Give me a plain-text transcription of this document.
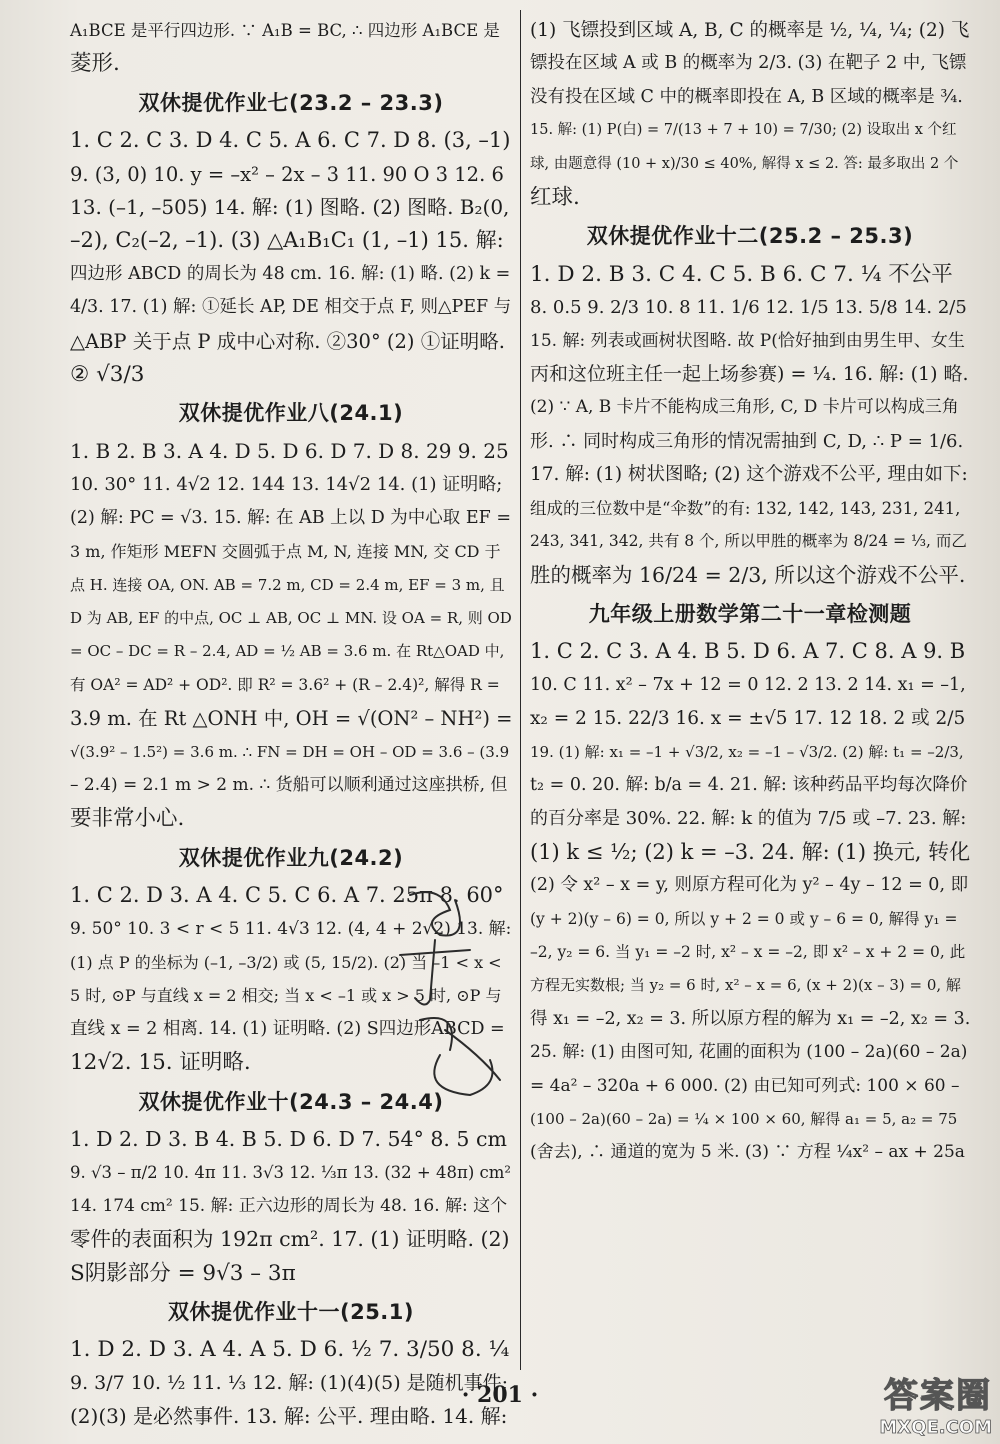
A₁BCE 是平行四边形. ∵ A₁B = BC, ∴ 四边形 A₁BCE 是
菱形.
双休提优作业七(23.2 – 23.3)
1. C 2. C 3. D 4. C 5. A 6. C 7. D 8. (3, –1)
9. (3, 0) 10. y = –x² – 2x – 3 11. 90 O 3 12. 6
13. (–1, –505) 14. 解: (1) 图略. (2) 图略. B₂(0,
–2), C₂(–2, –1). (3) △A₁B₁C₁ (1, –1) 15. 解:
四边形 ABCD 的周长为 48 cm. 16. 解: (1) 略. (2) k =
4/3. 17. (1) 解: ①延长 AP, DE 相交于点 F, 则△PEF 与
△ABP 关于点 P 成中心对称. ②30° (2) ①证明略.
② √3/3
双休提优作业八(24.1)
1. B 2. B 3. A 4. D 5. D 6. D 7. D 8. 29 9. 25
10. 30° 11. 4√2 12. 144 13. 14√2 14. (1) 证明略;
(2) 解: PC = √3. 15. 解: 在 AB 上以 D 为中心取 EF =
3 m, 作矩形 MEFN 交圆弧于点 M, N, 连接 MN, 交 CD 于
点 H. 连接 OA, ON. AB = 7.2 m, CD = 2.4 m, EF = 3 m, 且
D 为 AB, EF 的中点, OC ⊥ AB, OC ⊥ MN. 设 OA = R, 则 OD
= OC – DC = R – 2.4, AD = ½ AB = 3.6 m. 在 Rt△OAD 中,
有 OA² = AD² + OD². 即 R² = 3.6² + (R – 2.4)², 解得 R =
3.9 m. 在 Rt △ONH 中, OH = √(ON² – NH²) =
√(3.9² – 1.5²) = 3.6 m. ∴ FN = DH = OH – OD = 3.6 – (3.9
– 2.4) = 2.1 m > 2 m. ∴ 货船可以顺利通过这座拱桥, 但
要非常小心.
双休提优作业九(24.2)
1. C 2. D 3. A 4. C 5. C 6. A 7. 25π 8. 60°
9. 50° 10. 3 < r < 5 11. 4√3 12. (4, 4 + 2√2) 13. 解:
(1) 点 P 的坐标为 (–1, –3/2) 或 (5, 15/2). (2) 当 –1 < x <
5 时, ⊙P 与直线 x = 2 相交; 当 x < –1 或 x > 5 时, ⊙P 与
直线 x = 2 相离. 14. (1) 证明略. (2) S四边形ABCD =
12√2. 15. 证明略.
双休提优作业十(24.3 – 24.4)
1. D 2. D 3. B 4. B 5. D 6. D 7. 54° 8. 5 cm
9. √3 – π/2 10. 4π 11. 3√3 12. ⅓π 13. (32 + 48π) cm²
14. 174 cm² 15. 解: 正六边形的周长为 48. 16. 解: 这个
零件的表面积为 192π cm². 17. (1) 证明略. (2)
S阴影部分 = 9√3 – 3π
双休提优作业十一(25.1)
1. D 2. D 3. A 4. A 5. D 6. ½ 7. 3/50 8. ¼
9. 3/7 10. ½ 11. ⅓ 12. 解: (1)(4)(5) 是随机事件;
(2)(3) 是必然事件. 13. 解: 公平. 理由略. 14. 解:
(1) 飞镖投到区域 A, B, C 的概率是 ½, ¼, ¼; (2) 飞
镖投在区域 A 或 B 的概率为 2/3. (3) 在靶子 2 中, 飞镖
没有投在区域 C 中的概率即投在 A, B 区域的概率是 ¾.
15. 解: (1) P(白) = 7/(13 + 7 + 10) = 7/30; (2) 设取出 x 个红
球, 由题意得 (10 + x)/30 ≤ 40%, 解得 x ≤ 2. 答: 最多取出 2 个
红球.
双休提优作业十二(25.2 – 25.3)
1. D 2. B 3. C 4. C 5. B 6. C 7. ¼ 不公平
8. 0.5 9. 2/3 10. 8 11. 1/6 12. 1/5 13. 5/8 14. 2/5
15. 解: 列表或画树状图略. 故 P(恰好抽到由男生甲、女生
丙和这位班主任一起上场参赛) = ¼. 16. 解: (1) 略.
(2) ∵ A, B 卡片不能构成三角形, C, D 卡片可以构成三角
形. ∴ 同时构成三角形的情况需抽到 C, D, ∴ P = 1/6.
17. 解: (1) 树状图略; (2) 这个游戏不公平, 理由如下:
组成的三位数中是“伞数”的有: 132, 142, 143, 231, 241,
243, 341, 342, 共有 8 个, 所以甲胜的概率为 8/24 = ⅓, 而乙
胜的概率为 16/24 = 2/3, 所以这个游戏不公平.
九年级上册数学第二十一章检测题
1. C 2. C 3. A 4. B 5. D 6. A 7. C 8. A 9. B
10. C 11. x² – 7x + 12 = 0 12. 2 13. 2 14. x₁ = –1,
x₂ = 2 15. 22/3 16. x = ±√5 17. 12 18. 2 或 2/5
19. (1) 解: x₁ = –1 + √3/2, x₂ = –1 – √3/2. (2) 解: t₁ = –2/3,
t₂ = 0. 20. 解: b/a = 4. 21. 解: 该种药品平均每次降价
的百分率是 30%. 22. 解: k 的值为 7/5 或 –7. 23. 解:
(1) k ≤ ½; (2) k = –3. 24. 解: (1) 换元, 转化
(2) 令 x² – x = y, 则原方程可化为 y² – 4y – 12 = 0, 即
(y + 2)(y – 6) = 0, 所以 y + 2 = 0 或 y – 6 = 0, 解得 y₁ =
–2, y₂ = 6. 当 y₁ = –2 时, x² – x = –2, 即 x² – x + 2 = 0, 此
方程无实数根; 当 y₂ = 6 时, x² – x = 6, (x + 2)(x – 3) = 0, 解
得 x₁ = –2, x₂ = 3. 所以原方程的解为 x₁ = –2, x₂ = 3.
25. 解: (1) 由图可知, 花圃的面积为 (100 – 2a)(60 – 2a)
= 4a² – 320a + 6 000. (2) 由已知可列式: 100 × 60 –
(100 – 2a)(60 – 2a) = ¼ × 100 × 60, 解得 a₁ = 5, a₂ = 75
(舍去), ∴ 通道的宽为 5 米. (3) ∵ 方程 ¼x² – ax + 25a
· 201 ·	答案圈
MXQE.COM
